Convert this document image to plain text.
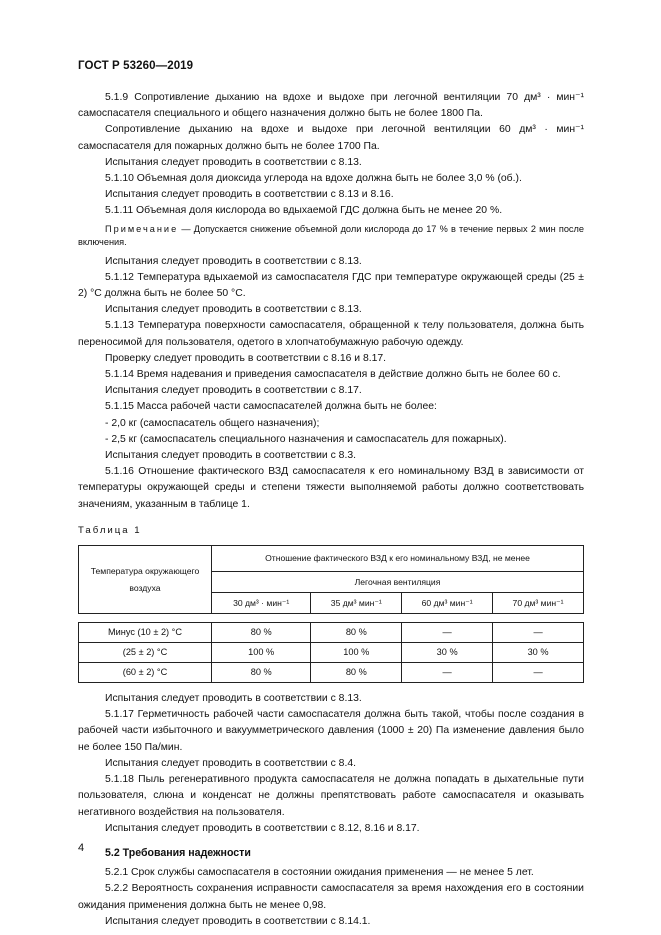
ГОСТ Р 53260—2019

5.1.9 Сопротивление дыханию на вдохе и выдохе при легочной вентиляции 70 дм³ · мин⁻¹ самоспасателя специального и общего назначения должно быть не более 1800 Па.

Сопротивление дыханию на вдохе и выдохе при легочной вентиляции 60 дм³ · мин⁻¹ самоспасателя для пожарных должно быть не более 1700 Па.

Испытания следует проводить в соответствии с 8.13.

5.1.10 Объемная доля диоксида углерода на вдохе должна быть не более 3,0 % (об.).

Испытания следует проводить в соответствии с 8.13 и 8.16.

5.1.11 Объемная доля кислорода во вдыхаемой ГДС должна быть не менее 20 %.

Примечание — Допускается снижение объемной доли кислорода до 17 % в течение первых 2 мин после включения.

Испытания следует проводить в соответствии с 8.13.

5.1.12 Температура вдыхаемой из самоспасателя ГДС при температуре окружающей среды (25 ± 2) °С должна быть не более 50 °С.

Испытания следует проводить в соответствии с 8.13.

5.1.13 Температура поверхности самоспасателя, обращенной к телу пользователя, должна быть переносимой для пользователя, одетого в хлопчатобумажную рабочую одежду.

Проверку следует проводить в соответствии с 8.16 и 8.17.

5.1.14 Время надевания и приведения самоспасателя в действие должно быть не более 60 с.

Испытания следует проводить в соответствии с 8.17.

5.1.15 Масса рабочей части самоспасателей должна быть не более:

- 2,0 кг (самоспасатель общего назначения);

- 2,5 кг (самоспасатель специального назначения и самоспасатель для пожарных).

Испытания следует проводить в соответствии с 8.3.

5.1.16 Отношение фактического ВЗД самоспасателя к его номинальному ВЗД в зависимости от температуры окружающей среды и степени тяжести выполняемой работы должно соответствовать значениям, указанным в таблице 1.

Таблица 1
Температура окружающего воздуха	Отношение фактического ВЗД к его номинальному ВЗД, не менее			
	Легочная вентиляция			
	30 дм³ · мин⁻¹	35 дм³ мин⁻¹	60 дм³ мин⁻¹	70 дм³ мин⁻¹

Минус (10 ± 2) °С	80 %	80 %	—	—
(25 ± 2) °С	100 %	100 %	30 %	30 %
(60 ± 2) °С	80 %	80 %	—	—

Испытания следует проводить в соответствии с 8.13.

5.1.17 Герметичность рабочей части самоспасателя должна быть такой, чтобы после создания в рабочей части избыточного и вакуумметрического давления (1000 ± 20) Па изменение давления было не более 150 Па/мин.

Испытания следует проводить в соответствии с 8.4.

5.1.18 Пыль регенеративного продукта самоспасателя не должна попадать в дыхательные пути пользователя, слюна и конденсат не должны препятствовать работе самоспасателя и оказывать негативного воздействия на пользователя.

Испытания следует проводить в соответствии с 8.12, 8.16 и 8.17.

5.2 Требования надежности

5.2.1 Срок службы самоспасателя в состоянии ожидания применения — не менее 5 лет.

5.2.2 Вероятность сохранения исправности самоспасателя за время нахождения его в состоянии ожидания применения должна быть не менее 0,98.

Испытания следует проводить в соответствии с 8.14.1.

4
